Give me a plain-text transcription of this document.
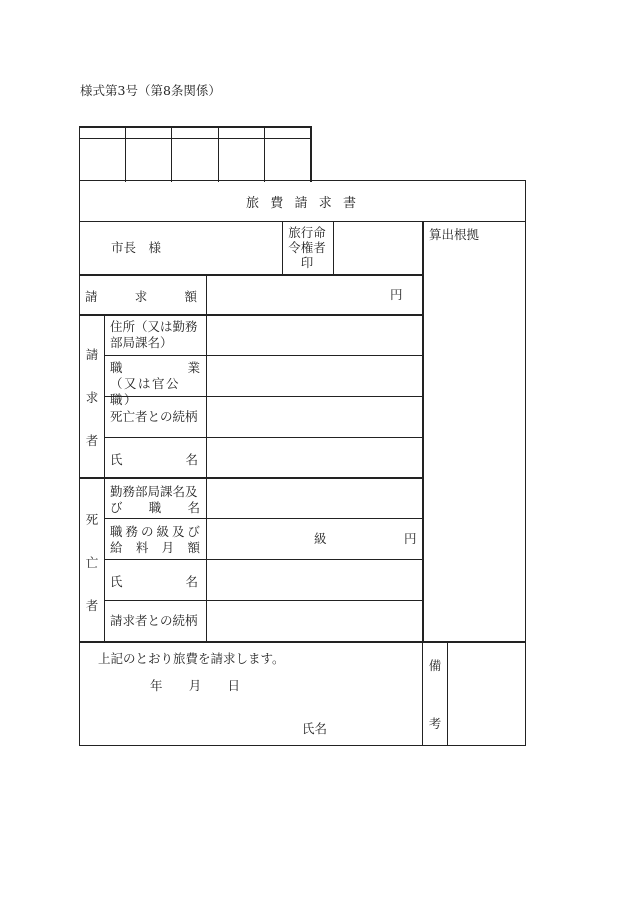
様式第3号（第8条関係）
旅 費 請 求 書
市長　様
旅行命
令権者
印
算出根拠
請	求	額	円
請
求
者
住所（又は勤務
部局課名）
職	業
（又は官公職）
死亡者との続柄
氏	名
死
亡
者
勤務部局課名及
び 職 名
職 務 の 級 及 び
給 料 月 額
級	円
氏	名
請求者との続柄
上記のとおり旅費を請求します。
年 月 日
氏名
備
考
